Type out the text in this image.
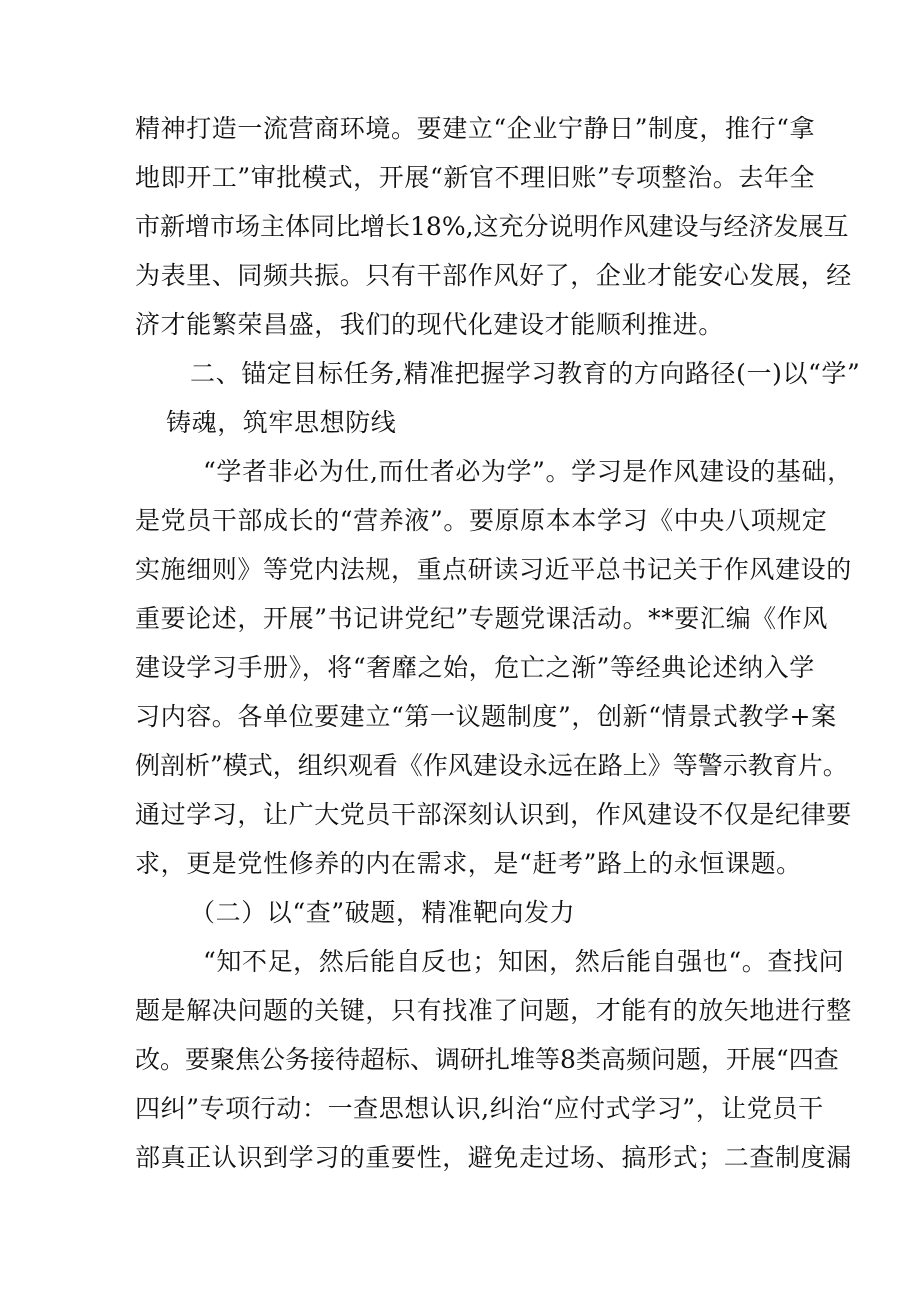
精神打造一流营商环境。要建立“企业宁静日”制度，推行“拿
地即开工”审批模式，开展“新官不理旧账”专项整治。去年全
市新增市场主体同比增长18%,这充分说明作风建设与经济发展互
为表里、同频共振。只有干部作风好了，企业才能安心发展，经
济才能繁荣昌盛，我们的现代化建设才能顺利推进。
二、锚定目标任务,精准把握学习教育的方向路径(一)以“学”
铸魂，筑牢思想防线
“学者非必为仕,而仕者必为学”。学习是作风建设的基础，
是党员干部成长的“营养液”。要原原本本学习《中央八项规定
实施细则》等党内法规，重点研读习近平总书记关于作风建设的
重要论述，开展”书记讲党纪”专题党课活动。**要汇编《作风
建设学习手册》，将“奢靡之始，危亡之渐”等经典论述纳入学
习内容。各单位要建立“第一议题制度”，创新“情景式教学+案
例剖析”模式，组织观看《作风建设永远在路上》等警示教育片。
通过学习，让广大党员干部深刻认识到，作风建设不仅是纪律要
求，更是党性修养的内在需求，是“赶考”路上的永恒课题。
（二）以“查”破题，精准靶向发力
“知不足，然后能自反也；知困，然后能自强也“。查找问
题是解决问题的关键，只有找准了问题，才能有的放矢地进行整
改。要聚焦公务接待超标、调研扎堆等8类高频问题，开展“四查
四纠”专项行动：一查思想认识,纠治“应付式学习”，让党员干
部真正认识到学习的重要性，避免走过场、搞形式；二查制度漏
